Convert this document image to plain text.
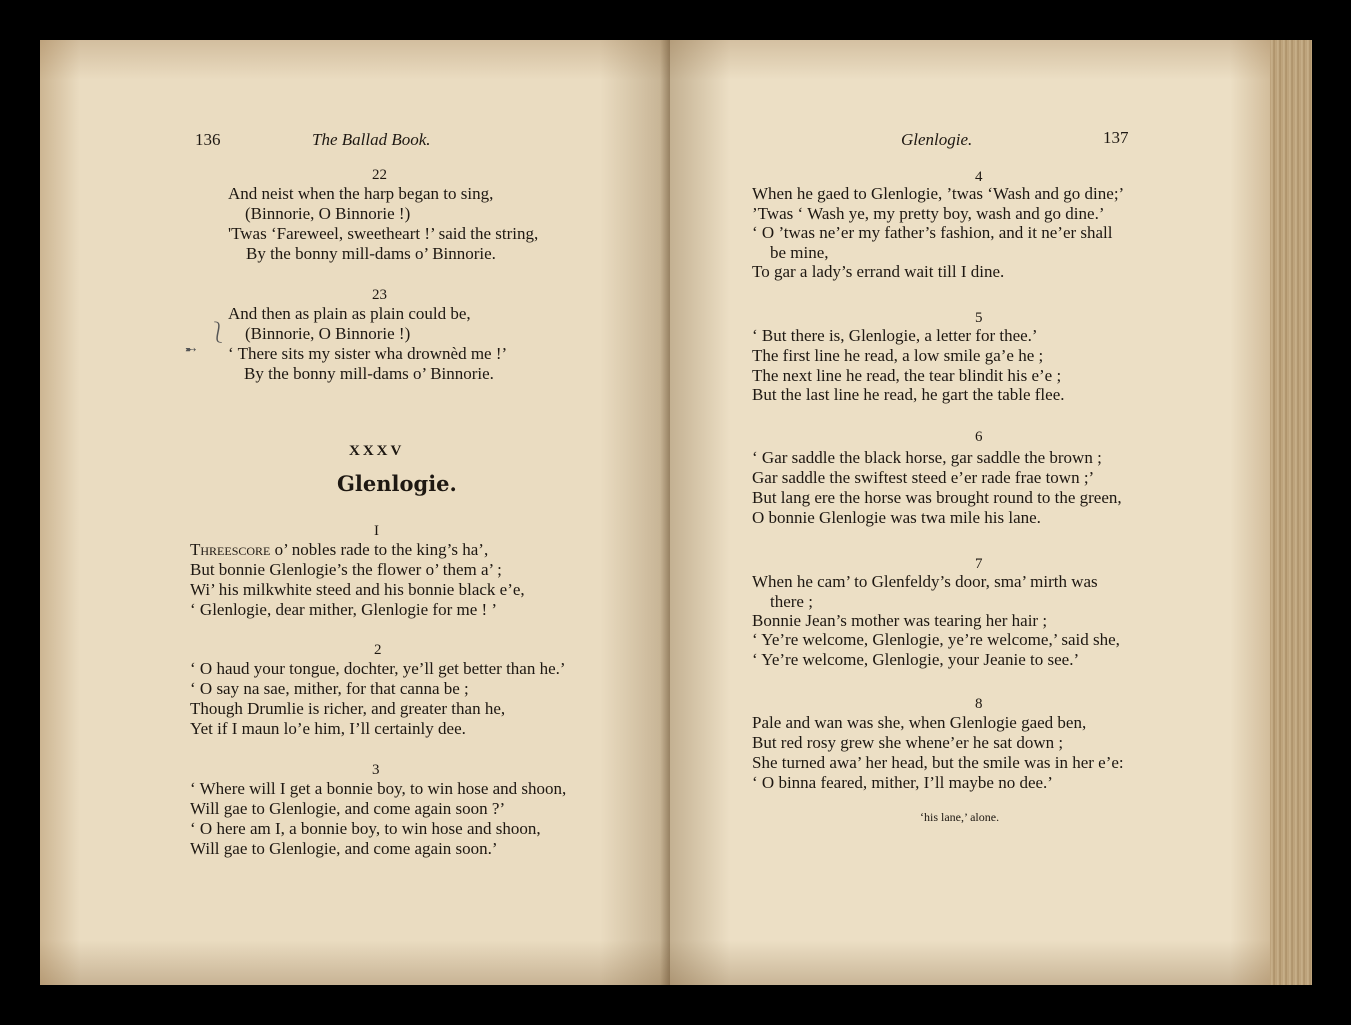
136	The Ballad Book.
22
And neist when the harp began to sing,
(Binnorie, O Binnorie !)
'Twas ‘Fareweel, sweetheart !’ said the string,
By the bonny mill-dams o’ Binnorie.
23
And then as plain as plain could be,
(Binnorie, O Binnorie !)
‘ There sits my sister wha drownèd me !’
By the bonny mill-dams o’ Binnorie.
⎱
➸
XXXV
Glenlogie.
I
Threescore o’ nobles rade to the king’s ha’,
But bonnie Glenlogie’s the flower o’ them a’ ;
Wi’ his milkwhite steed and his bonnie black e’e,
‘ Glenlogie, dear mither, Glenlogie for me ! ’
2
‘ O haud your tongue, dochter, ye’ll get better than he.’
‘ O say na sae, mither, for that canna be ;
Though Drumlie is richer, and greater than he,
Yet if I maun lo’e him, I’ll certainly dee.
3
‘ Where will I get a bonnie boy, to win hose and shoon,
Will gae to Glenlogie, and come again soon ?’
‘ O here am I, a bonnie boy, to win hose and shoon,
Will gae to Glenlogie, and come again soon.’
Glenlogie.	137
4
When he gaed to Glenlogie, ’twas ‘Wash and go dine;’
’Twas ‘ Wash ye, my pretty boy, wash and go dine.’
‘ O ’twas ne’er my father’s fashion, and it ne’er shall
be mine,
To gar a lady’s errand wait till I dine.
5
‘ But there is, Glenlogie, a letter for thee.’
The first line he read, a low smile ga’e he ;
The next line he read, the tear blindit his e’e ;
But the last line he read, he gart the table flee.
6
‘ Gar saddle the black horse, gar saddle the brown ;
Gar saddle the swiftest steed e’er rade frae town ;’
But lang ere the horse was brought round to the green,
O bonnie Glenlogie was twa mile his lane.
7
When he cam’ to Glenfeldy’s door, sma’ mirth was
there ;
Bonnie Jean’s mother was tearing her hair ;
‘ Ye’re welcome, Glenlogie, ye’re welcome,’ said she,
‘ Ye’re welcome, Glenlogie, your Jeanie to see.’
8
Pale and wan was she, when Glenlogie gaed ben,
But red rosy grew she whene’er he sat down ;
She turned awa’ her head, but the smile was in her e’e:
‘ O binna feared, mither, I’ll maybe no dee.’
‘his lane,’ alone.
